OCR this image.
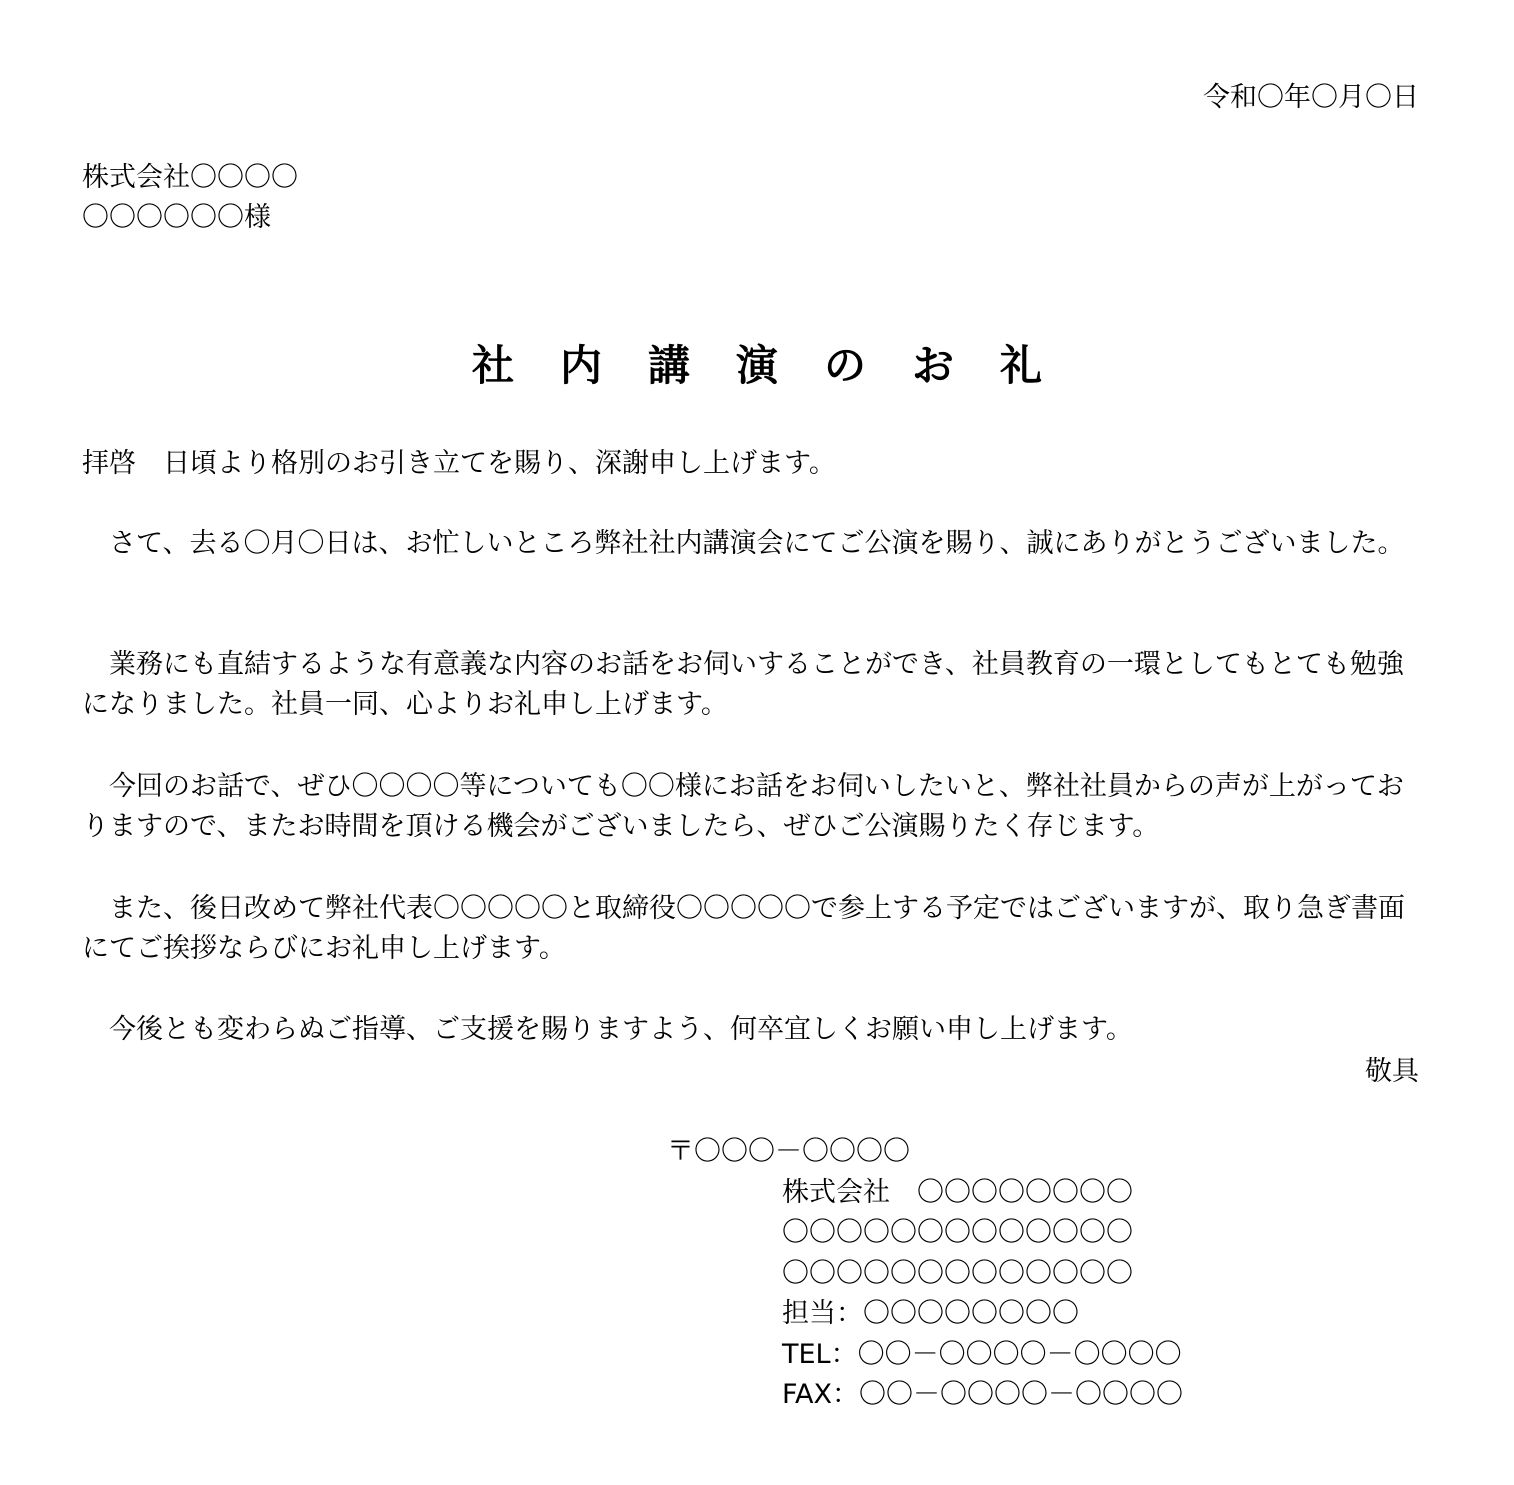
令和〇年〇月〇日
株式会社〇〇〇〇
〇〇〇〇〇〇様
社内講演のお礼
拝啓　日頃より格別のお引き立てを賜り、深謝申し上げます。
さて、去る〇月〇日は、お忙しいところ弊社社内講演会にてご公演を賜り、誠にありがとうございました。
業務にも直結するような有意義な内容のお話をお伺いすることができ、社員教育の一環としてもとても勉強になりました。社員一同、心よりお礼申し上げます。
今回のお話で、ぜひ〇〇〇〇等についても〇〇様にお話をお伺いしたいと、弊社社員からの声が上がっておりますので、またお時間を頂ける機会がございましたら、ぜひご公演賜りたく存じます。
また、後日改めて弊社代表〇〇〇〇〇と取締役〇〇〇〇〇で参上する予定ではございますが、取り急ぎ書面にてご挨拶ならびにお礼申し上げます。
今後とも変わらぬご指導、ご支援を賜りますよう、何卒宜しくお願い申し上げます。
敬具
〒〇〇〇－〇〇〇〇
株式会社　〇〇〇〇〇〇〇〇
〇〇〇〇〇〇〇〇〇〇〇〇〇
〇〇〇〇〇〇〇〇〇〇〇〇〇
担当：〇〇〇〇〇〇〇〇
TEL：〇〇－〇〇〇〇－〇〇〇〇
FAX：〇〇－〇〇〇〇－〇〇〇〇
